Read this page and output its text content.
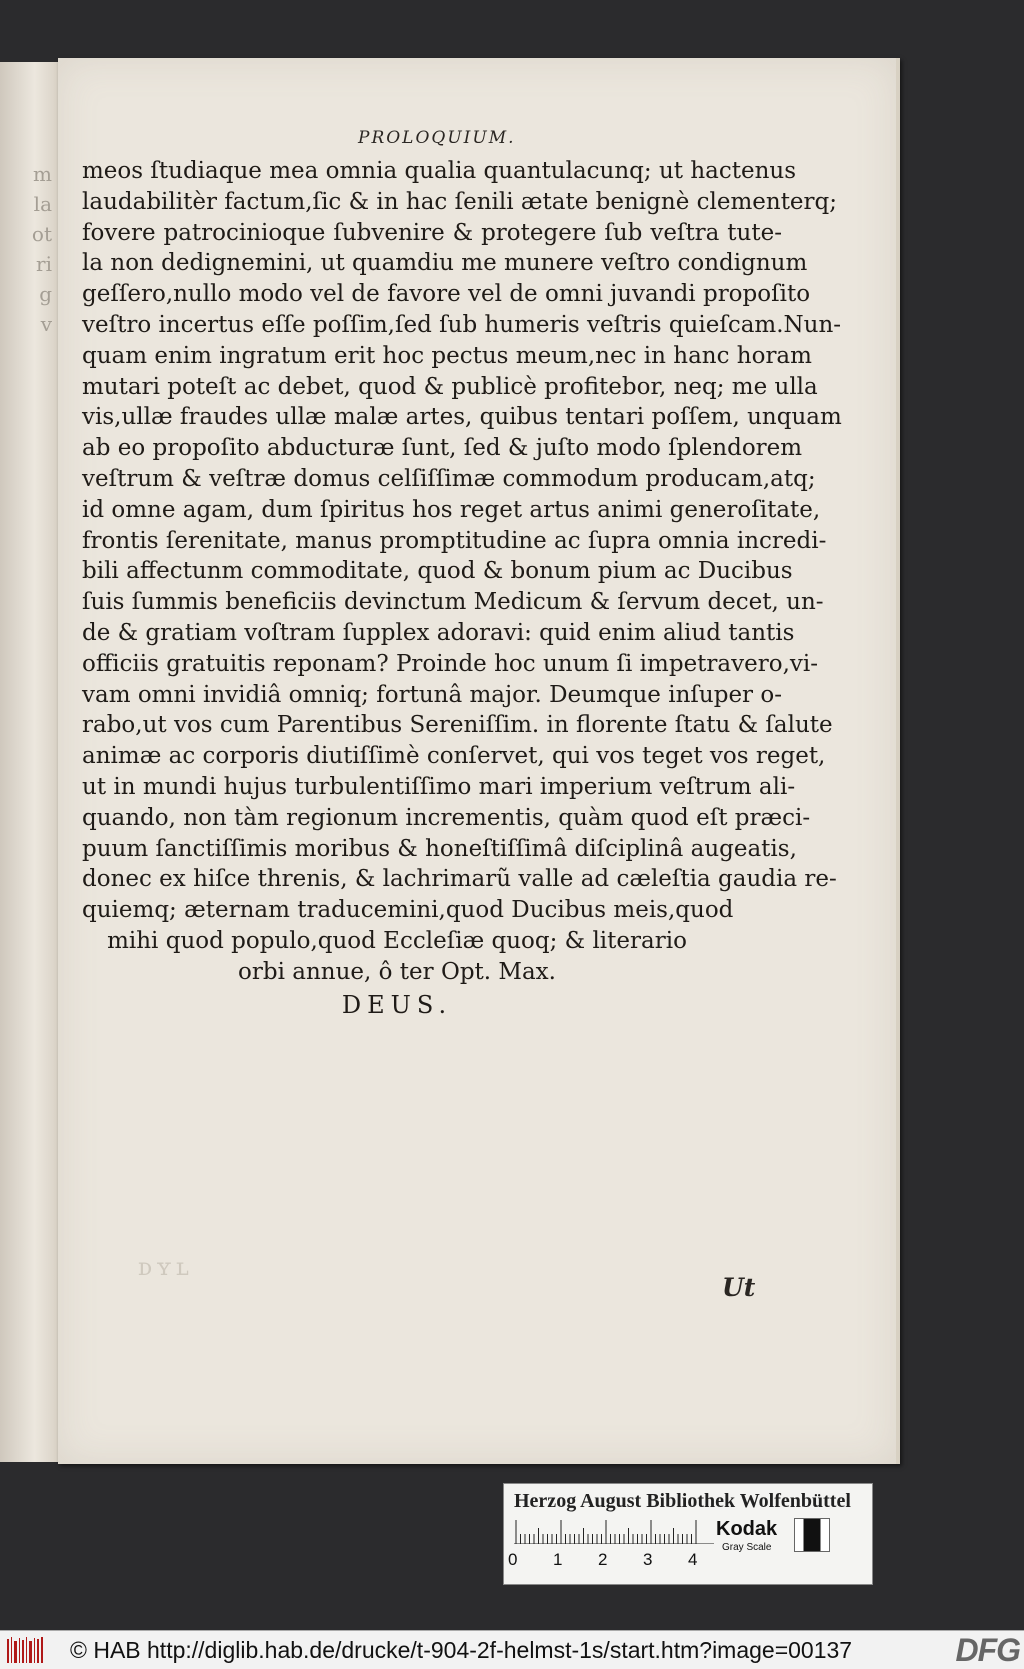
m
la
ot
ri
g
v
PROLOQUIUM.
meos ſtudiaque mea omnia qualia quantulacunq; ut hactenus
laudabilitèr factum,ſic & in hac ſenili ætate benignè clementerq;
fovere patrocinioque ſubvenire & protegere ſub veſtra tute-
la non dedignemini, ut quamdiu me munere veſtro condignum
geſſero,nullo modo vel de favore vel de omni juvandi propoſito
veſtro incertus eſſe poſſim,ſed ſub humeris veſtris quieſcam.Nun-
quam enim ingratum erit hoc pectus meum,nec in hanc horam
mutari poteſt ac debet, quod & publicè profitebor, neq; me ulla
vis,ullæ fraudes ullæ malæ artes, quibus tentari poſſem, unquam
ab eo propoſito abducturæ ſunt, ſed & juſto modo ſplendorem
veſtrum & veſtræ domus celſiſſimæ commodum producam,atq;
id omne agam, dum ſpiritus hos reget artus animi generoſitate,
frontis ſerenitate, manus promptitudine ac ſupra omnia incredi-
bili affectunm commoditate, quod & bonum pium ac Ducibus
ſuis ſummis beneficiis devinctum Medicum & ſervum decet, un-
de & gratiam voſtram ſupplex adoravi: quid enim aliud tantis
officiis gratuitis reponam? Proinde hoc unum ſi impetravero,vi-
vam omni invidiâ omniq; fortunâ major. Deumque inſuper o-
rabo,ut vos cum Parentibus Sereniſſim. in florente ſtatu & ſalute
animæ ac corporis diutiſſimè conſervet, qui vos teget vos reget,
ut in mundi hujus turbulentiſſimo mari imperium veſtrum ali-
quando, non tàm regionum incrementis, quàm quod eſt præci-
puum ſanctiſſimis moribus & honeſtiſſimâ diſciplinâ augeatis,
donec ex hiſce threnis, & lachrimarũ valle ad cæleſtia gaudia re-
quiemq; æternam traducemini,quod Ducibus meis,quod
mihi quod populo,quod Eccleſiæ quoq; & literario
orbi annue, ô ter Opt. Max.
DEUS.
ᴅʏʟ
Ut
Herzog August Bibliothek Wolfenbüttel
0 1 2 3 4
Kodak
Gray Scale
© HAB http://diglib.hab.de/drucke/t-904-2f-helmst-1s/start.htm?image=00137	DFG
